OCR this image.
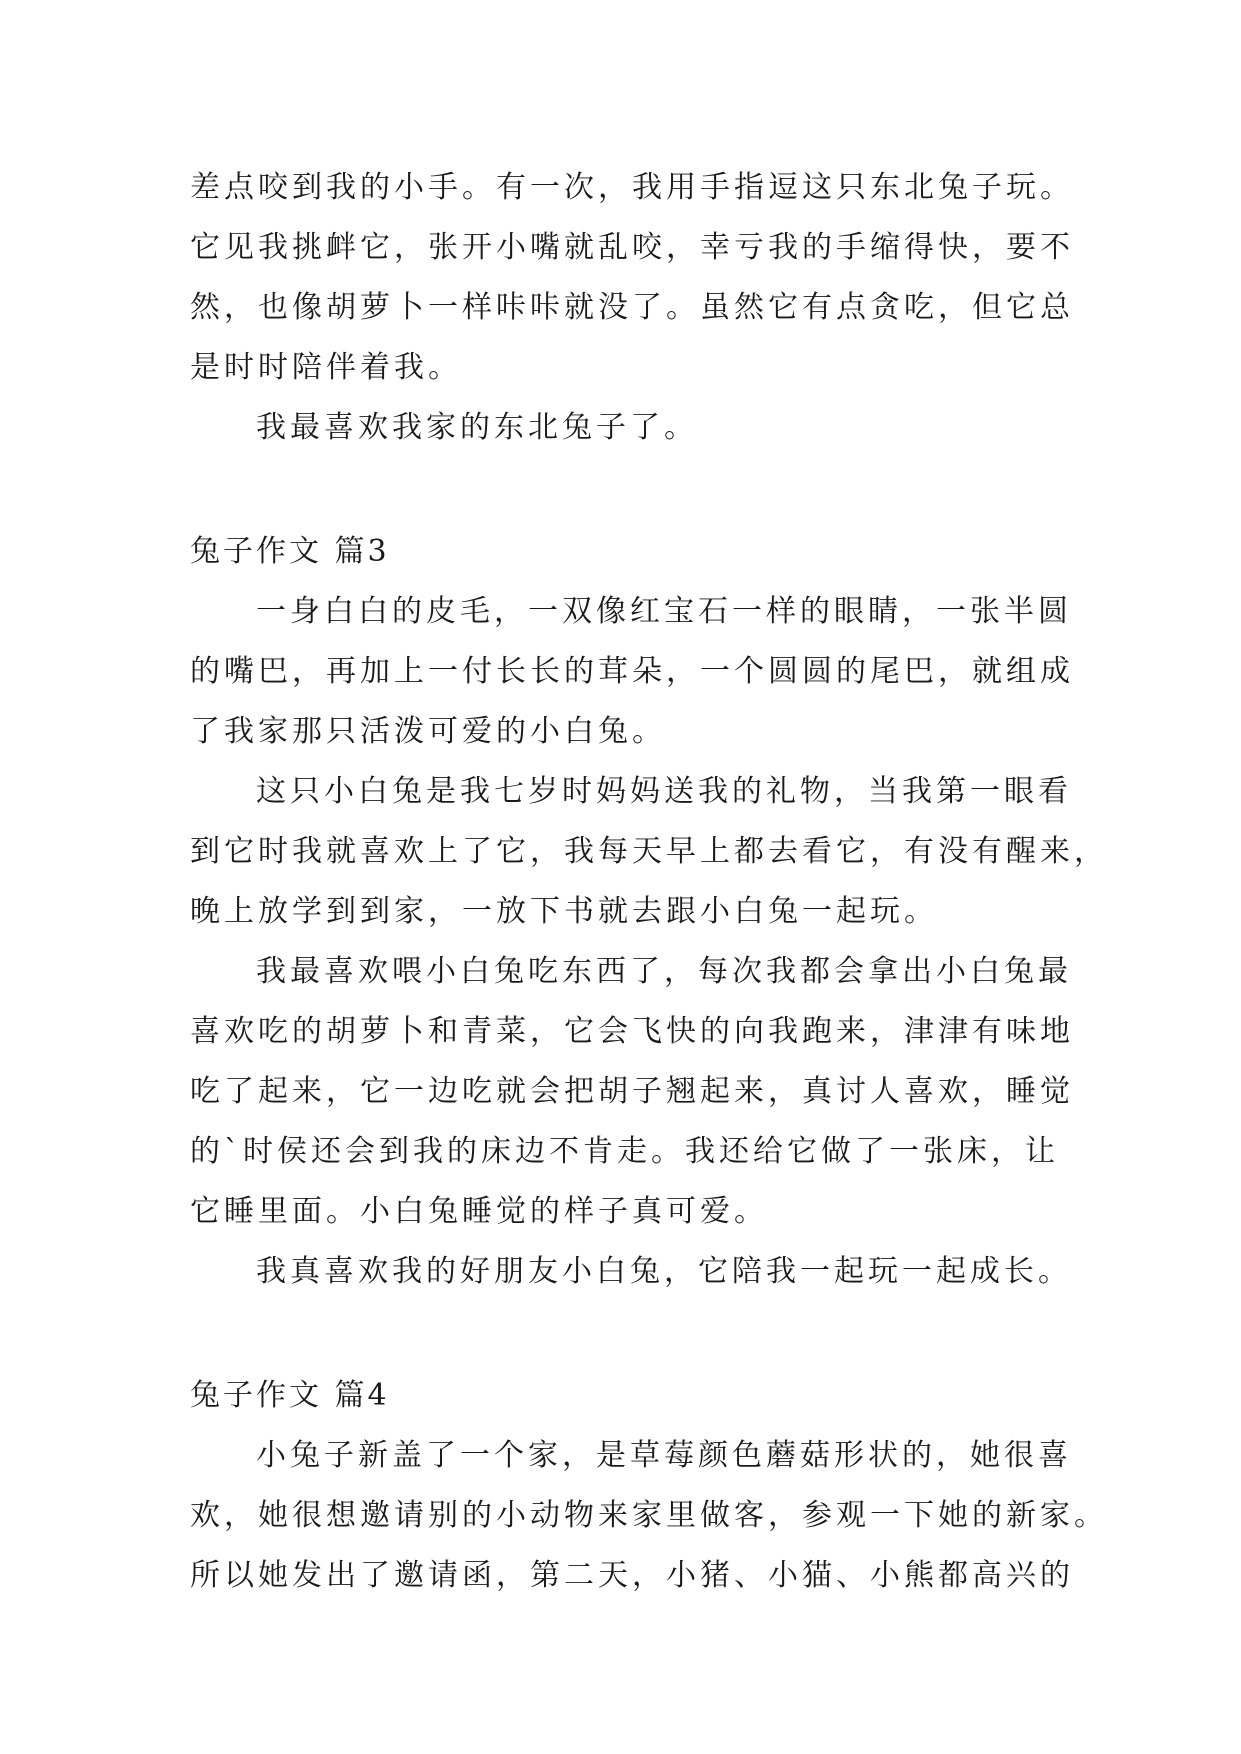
差点咬到我的小手。有一次，我用手指逗这只东北兔子玩。
它见我挑衅它，张开小嘴就乱咬，幸亏我的手缩得快，要不
然，也像胡萝卜一样咔咔就没了。虽然它有点贪吃，但它总
是时时陪伴着我。
我最喜欢我家的东北兔子了。
兔子作文 篇3
一身白白的皮毛，一双像红宝石一样的眼睛，一张半圆
的嘴巴，再加上一付长长的茸朵，一个圆圆的尾巴，就组成
了我家那只活泼可爱的小白兔。
这只小白兔是我七岁时妈妈送我的礼物，当我第一眼看
到它时我就喜欢上了它，我每天早上都去看它，有没有醒来，
晚上放学到到家，一放下书就去跟小白兔一起玩。
我最喜欢喂小白兔吃东西了，每次我都会拿出小白兔最
喜欢吃的胡萝卜和青菜，它会飞快的向我跑来，津津有味地
吃了起来，它一边吃就会把胡子翘起来，真讨人喜欢，睡觉
的`时侯还会到我的床边不肯走。我还给它做了一张床，让
它睡里面。小白兔睡觉的样子真可爱。
我真喜欢我的好朋友小白兔，它陪我一起玩一起成长。
兔子作文 篇4
小兔子新盖了一个家，是草莓颜色蘑菇形状的，她很喜
欢，她很想邀请别的小动物来家里做客，参观一下她的新家。
所以她发出了邀请函，第二天，小猪、小猫、小熊都高兴的
